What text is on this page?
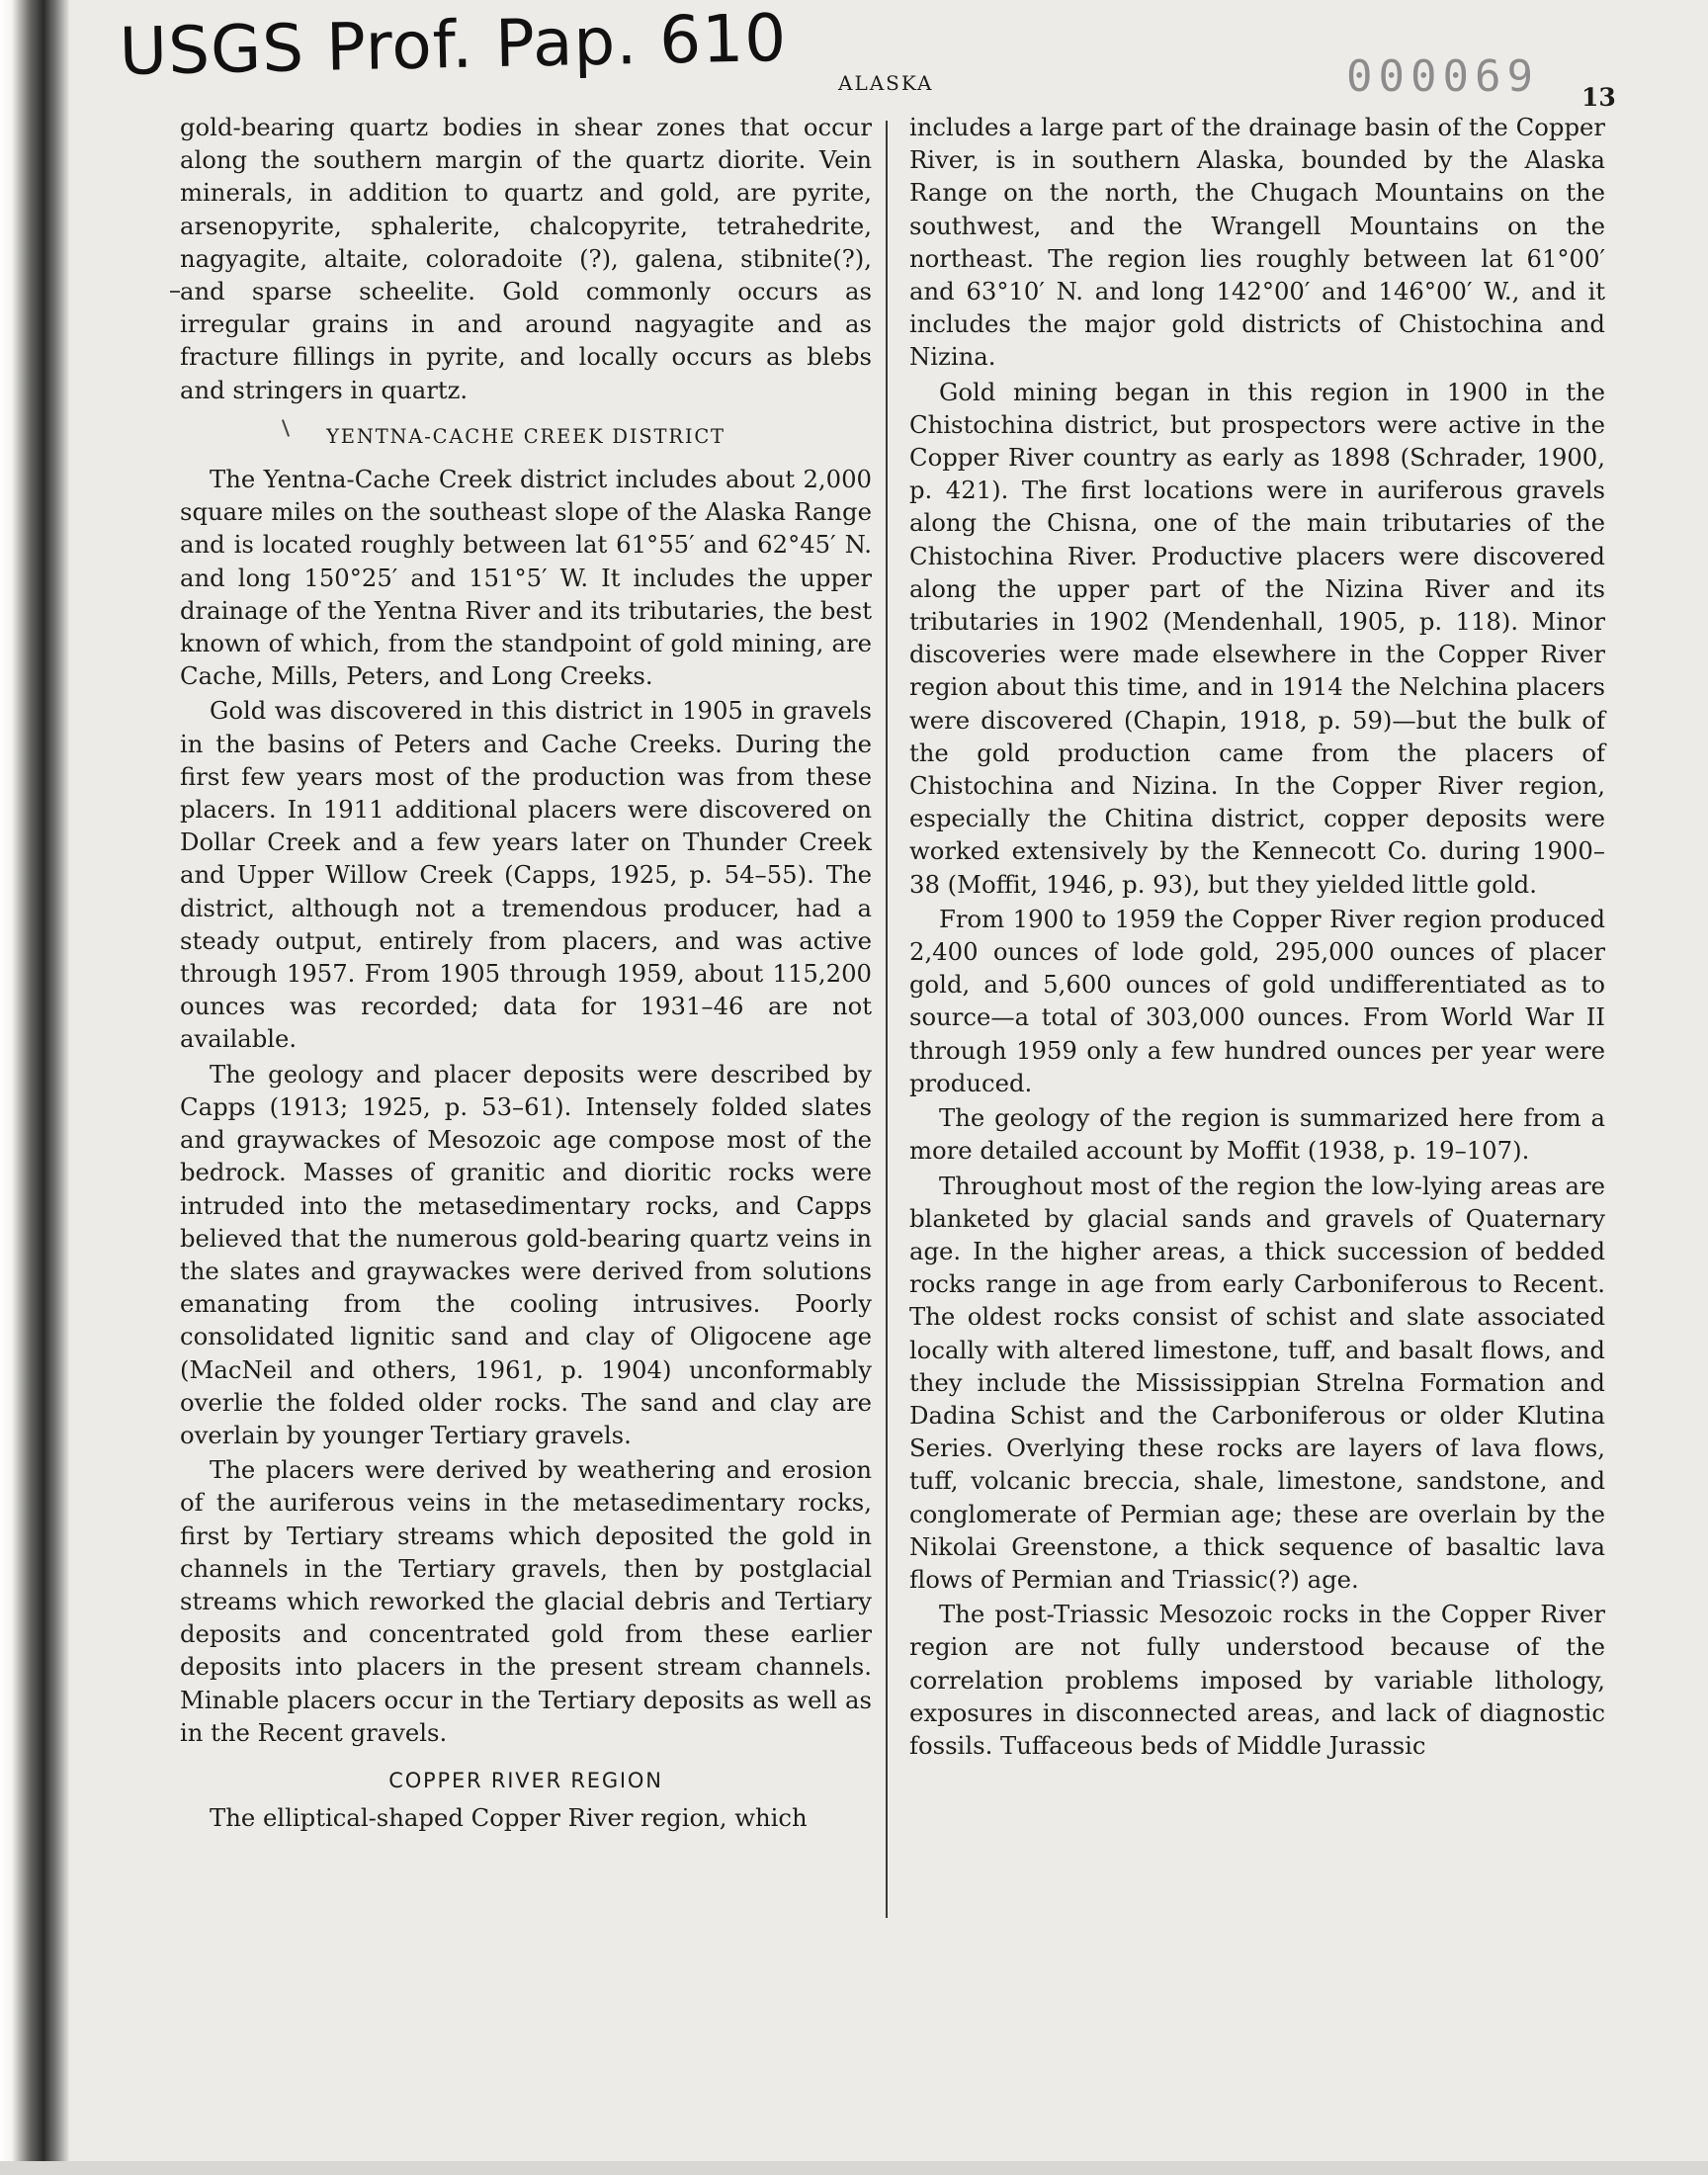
USGS Prof. Pap. 610	ALASKA	000069 13

gold-bearing quartz bodies in shear zones that occur along the southern margin of the quartz diorite. Vein minerals, in addition to quartz and gold, are pyrite, arsenopyrite, sphalerite, chalcopyrite, tetrahedrite, nagyagite, altaite, coloradoite (?), galena, stibnite(?), and sparse scheelite. Gold commonly occurs as irregular grains in and around nagyagite and as fracture fillings in pyrite, and locally occurs as blebs and stringers in quartz.

YENTNA-CACHE CREEK DISTRICT

The Yentna-Cache Creek district includes about 2,000 square miles on the southeast slope of the Alaska Range and is located roughly between lat 61°55′ and 62°45′ N. and long 150°25′ and 151°5′ W. It includes the upper drainage of the Yentna River and its tributaries, the best known of which, from the standpoint of gold mining, are Cache, Mills, Peters, and Long Creeks.

Gold was discovered in this district in 1905 in gravels in the basins of Peters and Cache Creeks. During the first few years most of the production was from these placers. In 1911 additional placers were discovered on Dollar Creek and a few years later on Thunder Creek and Upper Willow Creek (Capps, 1925, p. 54–55). The district, although not a tremendous producer, had a steady output, entirely from placers, and was active through 1957. From 1905 through 1959, about 115,200 ounces was recorded; data for 1931–46 are not available.

The geology and placer deposits were described by Capps (1913; 1925, p. 53–61). Intensely folded slates and graywackes of Mesozoic age compose most of the bedrock. Masses of granitic and dioritic rocks were intruded into the metasedimentary rocks, and Capps believed that the numerous gold-bearing quartz veins in the slates and graywackes were derived from solutions emanating from the cooling intrusives. Poorly consolidated lignitic sand and clay of Oligocene age (MacNeil and others, 1961, p. 1904) unconformably overlie the folded older rocks. The sand and clay are overlain by younger Tertiary gravels.

The placers were derived by weathering and erosion of the auriferous veins in the metasedimentary rocks, first by Tertiary streams which deposited the gold in channels in the Tertiary gravels, then by postglacial streams which reworked the glacial debris and Tertiary deposits and concentrated gold from these earlier deposits into placers in the present stream channels. Minable placers occur in the Tertiary deposits as well as in the Recent gravels.

COPPER RIVER REGION

The elliptical-shaped Copper River region, which

includes a large part of the drainage basin of the Copper River, is in southern Alaska, bounded by the Alaska Range on the north, the Chugach Mountains on the southwest, and the Wrangell Mountains on the northeast. The region lies roughly between lat 61°00′ and 63°10′ N. and long 142°00′ and 146°00′ W., and it includes the major gold districts of Chistochina and Nizina.

Gold mining began in this region in 1900 in the Chistochina district, but prospectors were active in the Copper River country as early as 1898 (Schrader, 1900, p. 421). The first locations were in auriferous gravels along the Chisna, one of the main tributaries of the Chistochina River. Productive placers were discovered along the upper part of the Nizina River and its tributaries in 1902 (Mendenhall, 1905, p. 118). Minor discoveries were made elsewhere in the Copper River region about this time, and in 1914 the Nelchina placers were discovered (Chapin, 1918, p. 59)—but the bulk of the gold production came from the placers of Chistochina and Nizina. In the Copper River region, especially the Chitina district, copper deposits were worked extensively by the Kennecott Co. during 1900–38 (Moffit, 1946, p. 93), but they yielded little gold.

From 1900 to 1959 the Copper River region produced 2,400 ounces of lode gold, 295,000 ounces of placer gold, and 5,600 ounces of gold undifferentiated as to source—a total of 303,000 ounces. From World War II through 1959 only a few hundred ounces per year were produced.

The geology of the region is summarized here from a more detailed account by Moffit (1938, p. 19–107).

Throughout most of the region the low-lying areas are blanketed by glacial sands and gravels of Quaternary age. In the higher areas, a thick succession of bedded rocks range in age from early Carboniferous to Recent. The oldest rocks consist of schist and slate associated locally with altered limestone, tuff, and basalt flows, and they include the Mississippian Strelna Formation and Dadina Schist and the Carboniferous or older Klutina Series. Overlying these rocks are layers of lava flows, tuff, volcanic breccia, shale, limestone, sandstone, and conglomerate of Permian age; these are overlain by the Nikolai Greenstone, a thick sequence of basaltic lava flows of Permian and Triassic(?) age.

The post-Triassic Mesozoic rocks in the Copper River region are not fully understood because of the correlation problems imposed by variable lithology, exposures in disconnected areas, and lack of diagnostic fossils. Tuffaceous beds of Middle Jurassic
